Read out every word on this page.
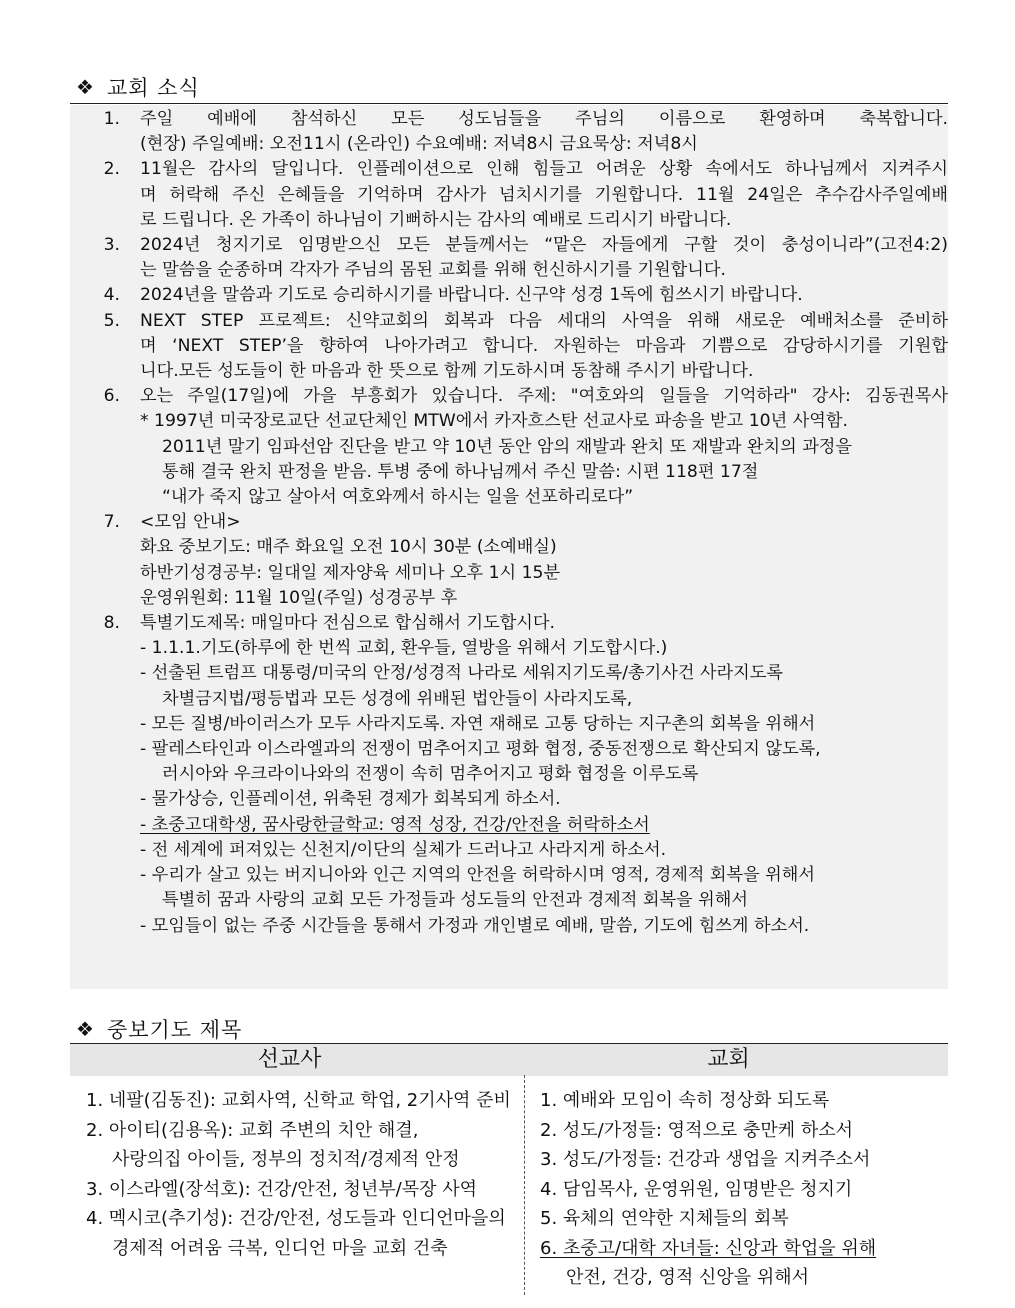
❖ 교회 소식
1. 주일 예배에 참석하신 모든 성도님들을 주님의 이름으로 환영하며 축복합니다.
(현장) 주일예배: 오전11시 (온라인) 수요예배: 저녁8시 금요묵상: 저녁8시
2. 11월은 감사의 달입니다. 인플레이션으로 인해 힘들고 어려운 상황 속에서도 하나님께서 지켜주시
며 허락해 주신 은혜들을 기억하며 감사가 넘치시기를 기원합니다. 11월 24일은 추수감사주일예배
로 드립니다. 온 가족이 하나님이 기뻐하시는 감사의 예배로 드리시기 바랍니다.
3. 2024년 청지기로 임명받으신 모든 분들께서는 “맡은 자들에게 구할 것이 충성이니라”(고전4:2)
는 말씀을 순종하며 각자가 주님의 몸된 교회를 위해 헌신하시기를 기원합니다.
4. 2024년을 말씀과 기도로 승리하시기를 바랍니다. 신구약 성경 1독에 힘쓰시기 바랍니다.
5. NEXT STEP 프로젝트: 신약교회의 회복과 다음 세대의 사역을 위해 새로운 예배처소를 준비하
며 ‘NEXT STEP’을 향하여 나아가려고 합니다. 자원하는 마음과 기쁨으로 감당하시기를 기원합
니다.모든 성도들이 한 마음과 한 뜻으로 함께 기도하시며 동참해 주시기 바랍니다.
6. 오는 주일(17일)에 가을 부흥회가 있습니다. 주제: "여호와의 일들을 기억하라" 강사: 김동권목사
* 1997년 미국장로교단 선교단체인 MTW에서 카자흐스탄 선교사로 파송을 받고 10년 사역함.
2011년 말기 임파선암 진단을 받고 약 10년 동안 암의 재발과 완치 또 재발과 완치의 과정을
통해 결국 완치 판정을 받음. 투병 중에 하나님께서 주신 말씀: 시편 118편 17절
“내가 죽지 않고 살아서 여호와께서 하시는 일을 선포하리로다”
7. <모임 안내>
화요 중보기도: 매주 화요일 오전 10시 30분 (소예배실)
하반기성경공부: 일대일 제자양육 세미나 오후 1시 15분
운영위원회: 11월 10일(주일) 성경공부 후
8. 특별기도제목: 매일마다 전심으로 합심해서 기도합시다.
- 1.1.1.기도(하루에 한 번씩 교회, 환우들, 열방을 위해서 기도합시다.)
- 선출된 트럼프 대통령/미국의 안정/성경적 나라로 세워지기도록/총기사건 사라지도록
차별금지법/평등법과 모든 성경에 위배된 법안들이 사라지도록,
- 모든 질병/바이러스가 모두 사라지도록. 자연 재해로 고통 당하는 지구촌의 회복을 위해서
- 팔레스타인과 이스라엘과의 전쟁이 멈추어지고 평화 협정, 중동전쟁으로 확산되지 않도록,
러시아와 우크라이나와의 전쟁이 속히 멈추어지고 평화 협정을 이루도록
- 물가상승, 인플레이션, 위축된 경제가 회복되게 하소서.
- 초중고대학생, 꿈사랑한글학교: 영적 성장, 건강/안전을 허락하소서
- 전 세계에 퍼져있는 신천지/이단의 실체가 드러나고 사라지게 하소서.
- 우리가 살고 있는 버지니아와 인근 지역의 안전을 허락하시며 영적, 경제적 회복을 위해서
특별히 꿈과 사랑의 교회 모든 가정들과 성도들의 안전과 경제적 회복을 위해서
- 모임들이 없는 주중 시간들을 통해서 가정과 개인별로 예배, 말씀, 기도에 힘쓰게 하소서.
❖ 중보기도 제목
선교사	교회
1. 네팔(김동진): 교회사역, 신학교 학업, 2기사역 준비
2. 아이티(김용옥): 교회 주변의 치안 해결,
사랑의집 아이들, 정부의 정치적/경제적 안정
3. 이스라엘(장석호): 건강/안전, 청년부/목장 사역
4. 멕시코(추기성): 건강/안전, 성도들과 인디언마을의
경제적 어려움 극복, 인디언 마을 교회 건축
1. 예배와 모임이 속히 정상화 되도록
2. 성도/가정들: 영적으로 충만케 하소서
3. 성도/가정들: 건강과 생업을 지켜주소서
4. 담임목사, 운영위원, 임명받은 청지기
5. 육체의 연약한 지체들의 회복
6. 초중고/대학 자녀들: 신앙과 학업을 위해
안전, 건강, 영적 신앙을 위해서
